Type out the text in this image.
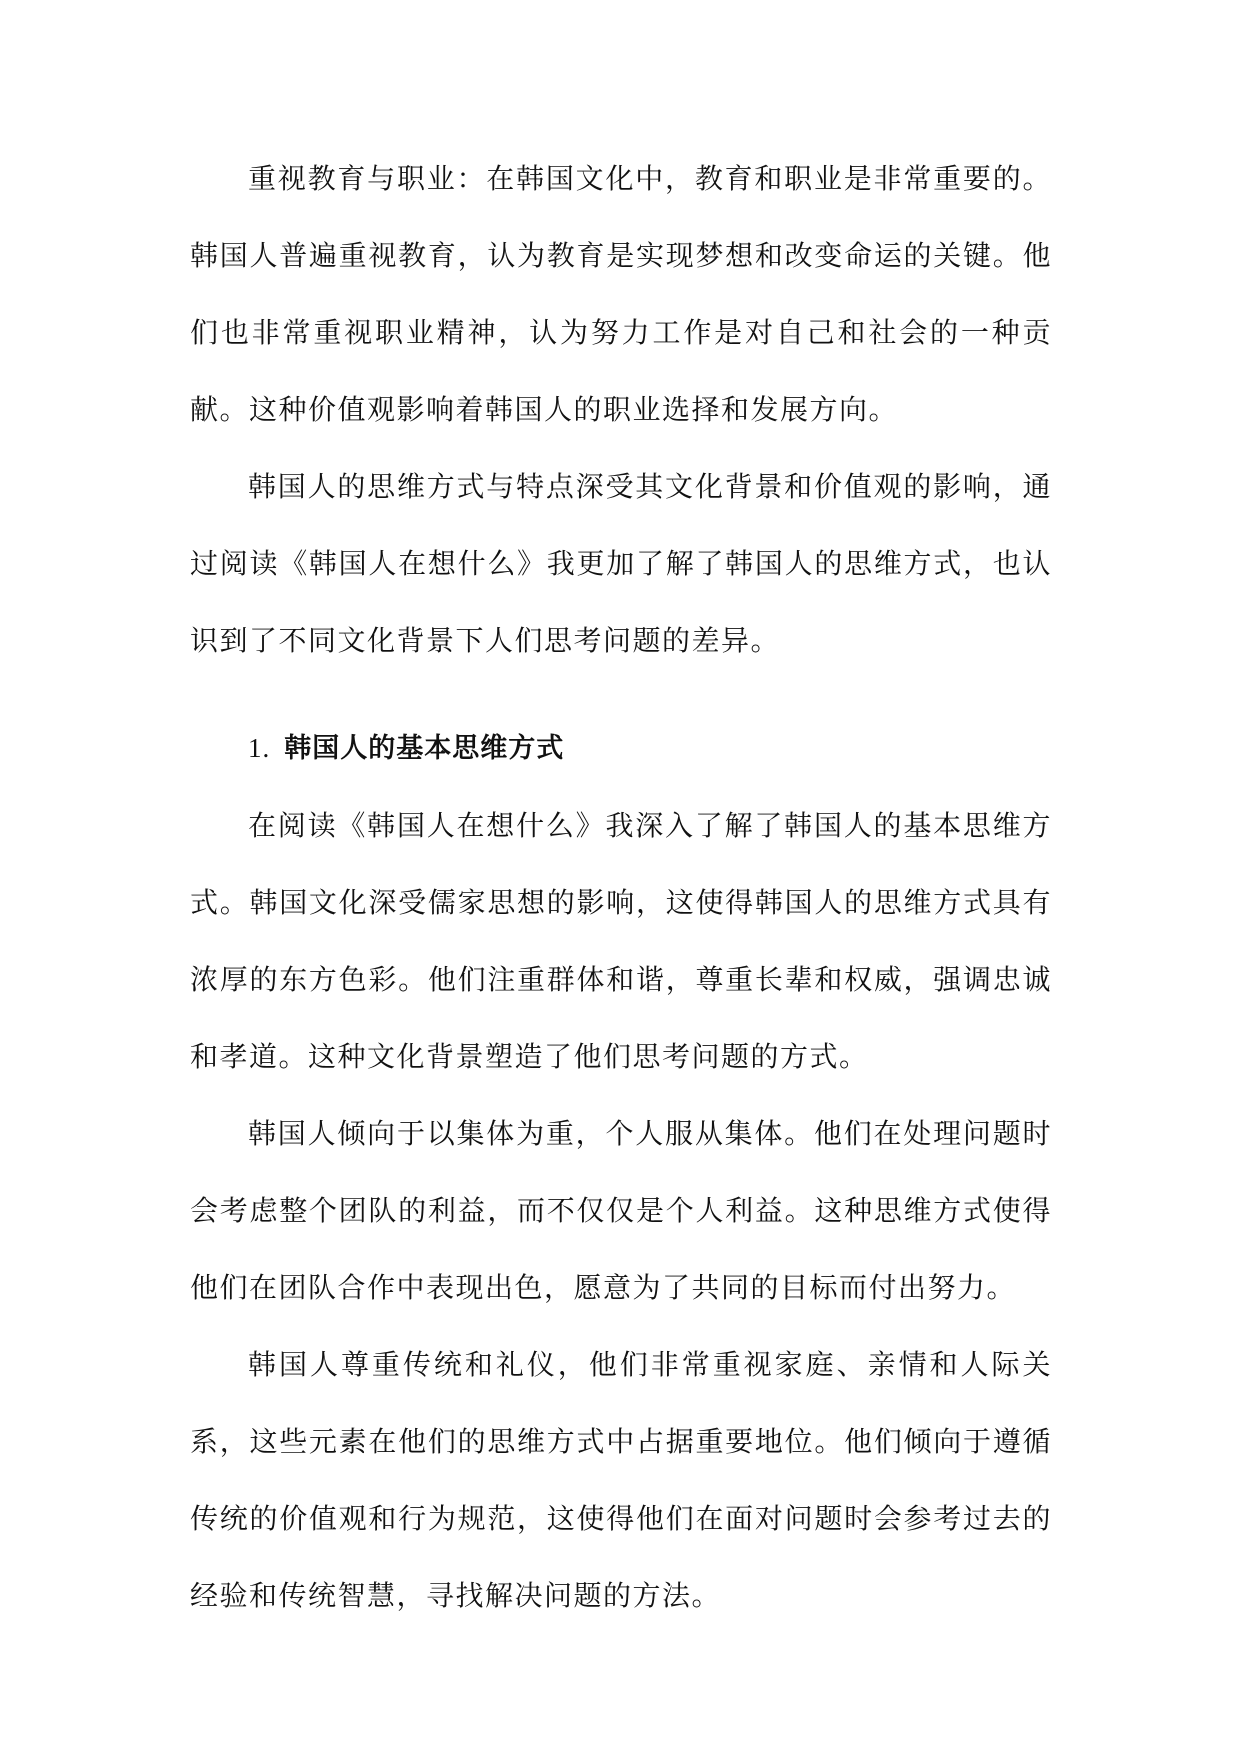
重视教育与职业：在韩国文化中，教育和职业是非常重要的。韩国人普遍重视教育，认为教育是实现梦想和改变命运的关键。他们也非常重视职业精神，认为努力工作是对自己和社会的一种贡献。这种价值观影响着韩国人的职业选择和发展方向。

韩国人的思维方式与特点深受其文化背景和价值观的影响，通过阅读《韩国人在想什么》我更加了解了韩国人的思维方式，也认识到了不同文化背景下人们思考问题的差异。

1. 韩国人的基本思维方式

在阅读《韩国人在想什么》我深入了解了韩国人的基本思维方式。韩国文化深受儒家思想的影响，这使得韩国人的思维方式具有浓厚的东方色彩。他们注重群体和谐，尊重长辈和权威，强调忠诚和孝道。这种文化背景塑造了他们思考问题的方式。

韩国人倾向于以集体为重，个人服从集体。他们在处理问题时会考虑整个团队的利益，而不仅仅是个人利益。这种思维方式使得他们在团队合作中表现出色，愿意为了共同的目标而付出努力。

韩国人尊重传统和礼仪，他们非常重视家庭、亲情和人际关系，这些元素在他们的思维方式中占据重要地位。他们倾向于遵循传统的价值观和行为规范，这使得他们在面对问题时会参考过去的经验和传统智慧，寻找解决问题的方法。
